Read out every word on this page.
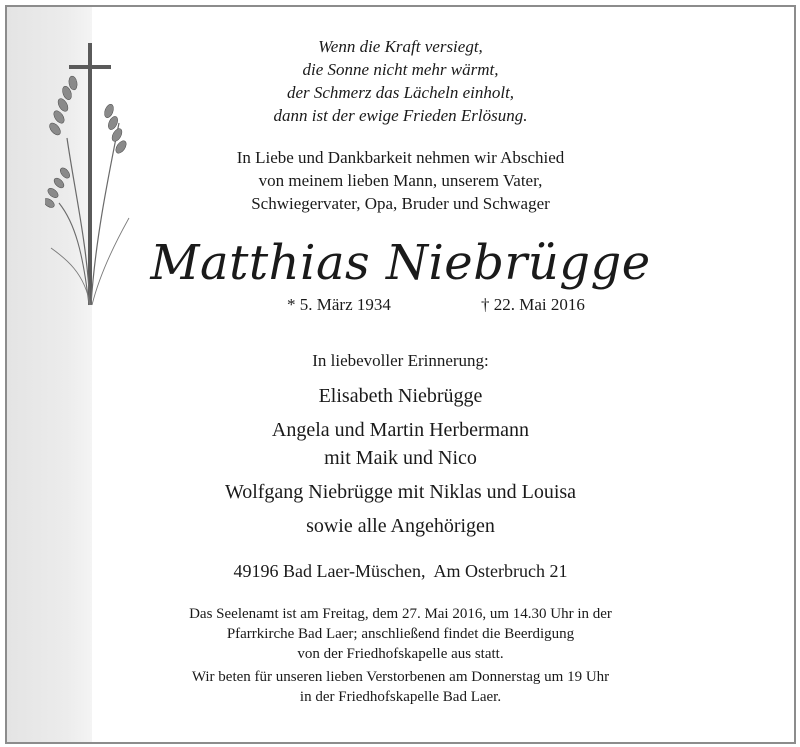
Wenn die Kraft versiegt,
die Sonne nicht mehr wärmt,
der Schmerz das Lächeln einholt,
dann ist der ewige Frieden Erlösung.
In Liebe und Dankbarkeit nehmen wir Abschied
von meinem lieben Mann, unserem Vater,
Schwiegervater, Opa, Bruder und Schwager
Matthias Niebrügge
* 5. März 1934	† 22. Mai 2016
In liebevoller Erinnerung:
Elisabeth Niebrügge
Angela und Martin Herbermann
mit Maik und Nico
Wolfgang Niebrügge mit Niklas und Louisa
sowie alle Angehörigen
49196 Bad Laer-Müschen,  Am Osterbruch 21
Das Seelenamt ist am Freitag, dem 27. Mai 2016, um 14.30 Uhr in der
Pfarrkirche Bad Laer; anschließend findet die Beerdigung
von der Friedhofskapelle aus statt.
Wir beten für unseren lieben Verstorbenen am Donnerstag um 19 Uhr
in der Friedhofskapelle Bad Laer.
